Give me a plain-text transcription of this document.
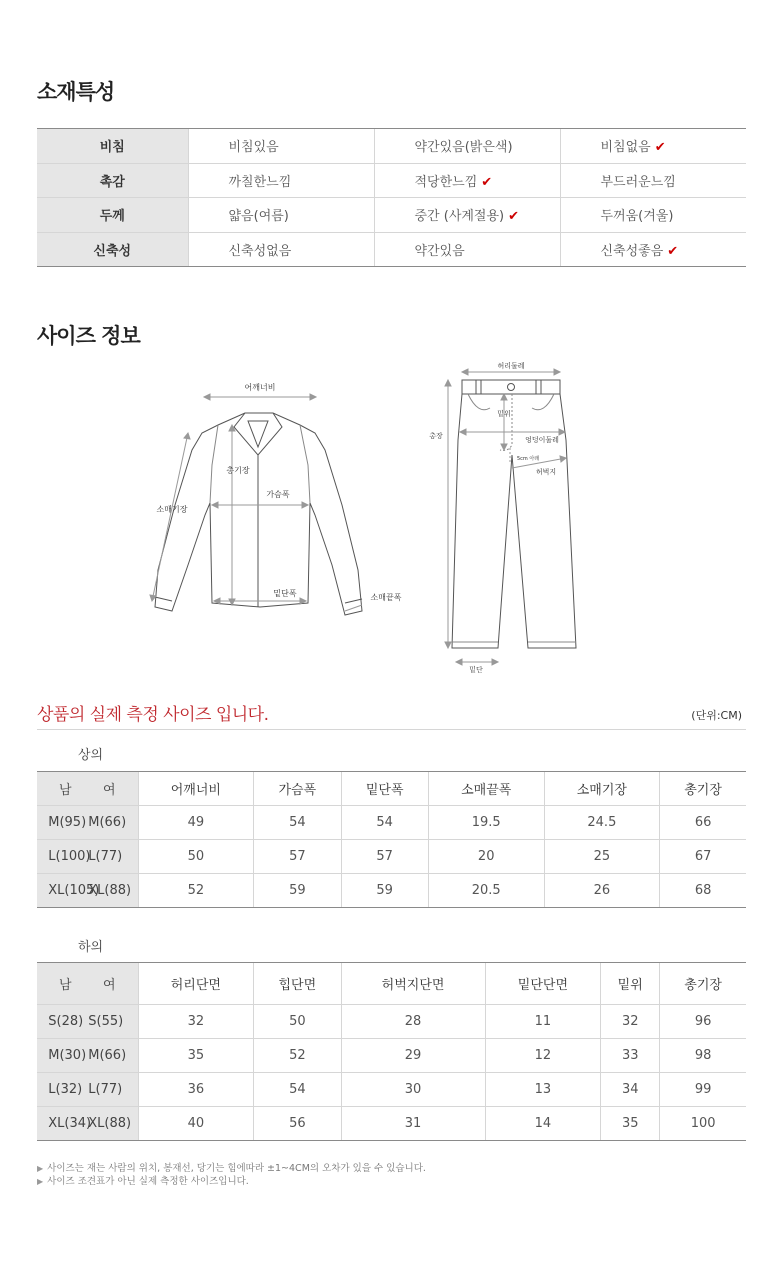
소재특성
비침	비침있음	약간있음(밝은색)	비침없음 ✔
촉감	까칠한느낌	적당한느낌 ✔	부드러운느낌
두께	얇음(여름)	중간 (사계절용) ✔	두꺼움(겨울)
신축성	신축성없음	약간있음	신축성좋음 ✔
사이즈 정보
어깨너비
총기장
가슴폭
소매기장
밑단폭	소매끝폭
허리둘레
총장
밑위
엉덩이둘레
5cm 아래
허벅지
밑단
상품의 실제 측정 사이즈 입니다.	(단위:CM)
상의
남 여	어깨너비	가슴폭	밑단폭	소매끝폭	소매기장	총기장
M(95) M(66)	49	54	54	19.5	24.5	66
L(100)L(77)	50	57	57	20	25	67
XL(105)XL(88)	52	59	59	20.5	26	68
하의
남 여	허리단면	힙단면	허벅지단면	밑단단면	밑위	총기장
S(28) S(55)	32	50	28	11	32	96
M(30) M(66)	35	52	29	12	33	98
L(32) L(77)	36	54	30	13	34	99
XL(34)XL(88)	40	56	31	14	35	100
▶ 사이즈는 재는 사람의 위치, 봉재선, 당기는 힘에따라 ±1~4CM의 오차가 있을 수 있습니다.
▶ 사이즈 조견표가 아닌 실제 측정한 사이즈입니다.
